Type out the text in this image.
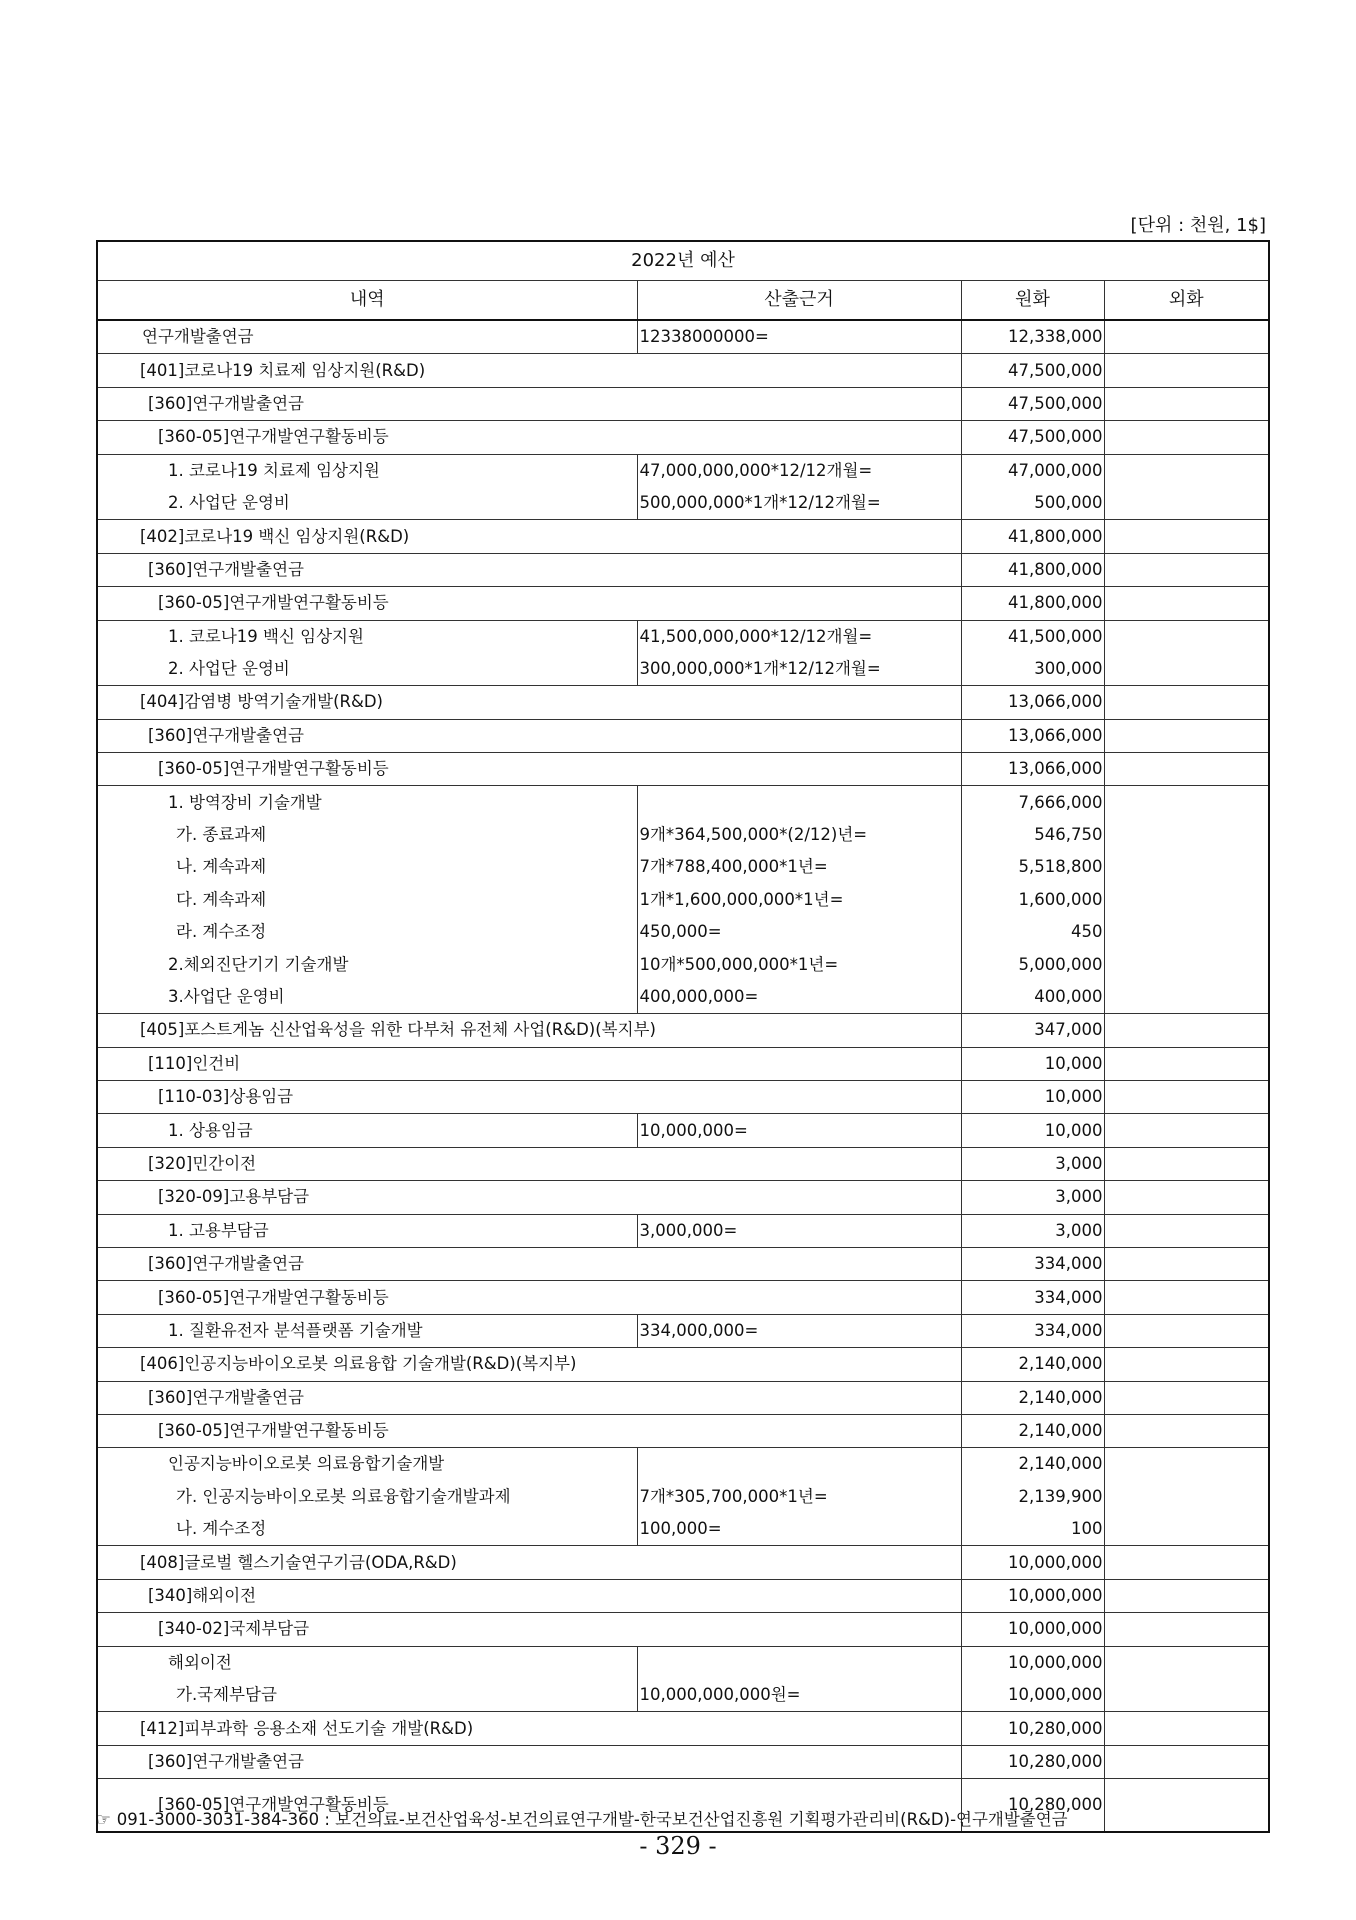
[단위 : 천원, 1$]
2022년 예산			
내역	산출근거	원화	외화
연구개발출연금	12338000000=	12,338,000	
[401]코로나19 치료제 임상지원(R&D)		47,500,000	
[360]연구개발출연금		47,500,000	
[360-05]연구개발연구활동비등		47,500,000	
1. 코로나19 치료제 임상지원	47,000,000,000*12/12개월=	47,000,000	
2. 사업단 운영비	500,000,000*1개*12/12개월=	500,000	
[402]코로나19 백신 임상지원(R&D)		41,800,000	
[360]연구개발출연금		41,800,000	
[360-05]연구개발연구활동비등		41,800,000	
1. 코로나19 백신 임상지원	41,500,000,000*12/12개월=	41,500,000	
2. 사업단 운영비	300,000,000*1개*12/12개월=	300,000	
[404]감염병 방역기술개발(R&D)		13,066,000	
[360]연구개발출연금		13,066,000	
[360-05]연구개발연구활동비등		13,066,000	
1. 방역장비 기술개발		7,666,000	
가. 종료과제	9개*364,500,000*(2/12)년=	546,750	
나. 계속과제	7개*788,400,000*1년=	5,518,800	
다. 계속과제	1개*1,600,000,000*1년=	1,600,000	
라. 계수조정	450,000=	450	
2.체외진단기기 기술개발	10개*500,000,000*1년=	5,000,000	
3.사업단 운영비	400,000,000=	400,000	
[405]포스트게놈 신산업육성을 위한 다부처 유전체 사업(R&D)(복지부)		347,000	
[110]인건비		10,000	
[110-03]상용임금		10,000	
1. 상용임금	10,000,000=	10,000	
[320]민간이전		3,000	
[320-09]고용부담금		3,000	
1. 고용부담금	3,000,000=	3,000	
[360]연구개발출연금		334,000	
[360-05]연구개발연구활동비등		334,000	
1. 질환유전자 분석플랫폼 기술개발	334,000,000=	334,000	
[406]인공지능바이오로봇 의료융합 기술개발(R&D)(복지부)		2,140,000	
[360]연구개발출연금		2,140,000	
[360-05]연구개발연구활동비등		2,140,000	
인공지능바이오로봇 의료융합기술개발		2,140,000	
가. 인공지능바이오로봇 의료융합기술개발과제	7개*305,700,000*1년=	2,139,900	
나. 계수조정	100,000=	100	
[408]글로벌 헬스기술연구기금(ODA,R&D)		10,000,000	
[340]해외이전		10,000,000	
[340-02]국제부담금		10,000,000	
해외이전		10,000,000	
가.국제부담금	10,000,000,000원=	10,000,000	
[412]피부과학 응용소재 선도기술 개발(R&D)		10,280,000	
[360]연구개발출연금		10,280,000	
[360-05]연구개발연구활동비등		10,280,000	
☞ 091-3000-3031-384-360 : 보건의료-보건산업육성-보건의료연구개발-한국보건산업진흥원 기획평가관리비(R&D)-연구개발출연금
- 329 -
